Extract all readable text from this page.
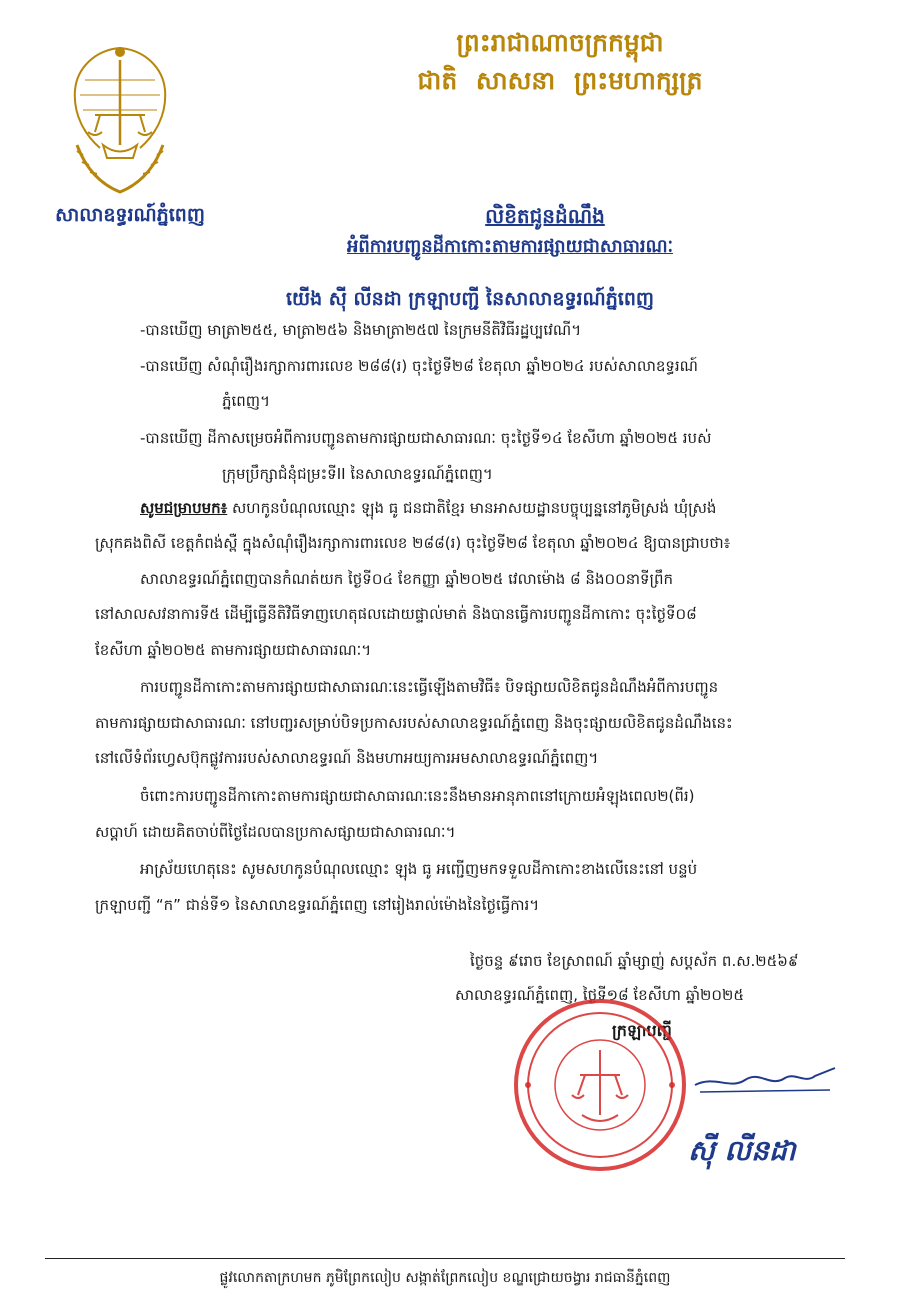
សាលាឧទ្ធរណ៍ភ្នំពេញ
ព្រះរាជាណាចក្រកម្ពុជា
ជាតិ សាសនា ព្រះមហាក្សត្រ
លិខិតជូនដំណឹង
អំពីការបញ្ជូនដីកាកោះតាមការផ្សាយជាសាធារណៈ
យើង ស៊ី លីនដា ក្រឡាបញ្ជី នៃសាលាឧទ្ធរណ៍ភ្នំពេញ
-បានឃើញ មាត្រា២៥៥, មាត្រា២៥៦ និងមាត្រា២៥៧ នៃក្រមនីតិវិធីរដ្ឋប្បវេណី។
-បានឃើញ សំណុំរឿងរក្សាការពារលេខ ២៨៨(រ) ចុះថ្ងៃទី២៨ ខែតុលា ឆ្នាំ២០២៤ របស់សាលាឧទ្ធរណ៍
ភ្នំពេញ។
-បានឃើញ ដីកាសម្រេចអំពីការបញ្ជូនតាមការផ្សាយជាសាធារណៈ ចុះថ្ងៃទី១៤ ខែសីហា ឆ្នាំ២០២៥ របស់
ក្រុមប្រឹក្សាជំនុំជម្រះទីII នៃសាលាឧទ្ធរណ៍ភ្នំពេញ។
សូមជម្រាបមក៖ សហកូនបំណុលឈ្មោះ ឡុង ធូ ជនជាតិខ្មែរ មានអាសយដ្ឋានបច្ចុប្បន្ននៅភូមិស្រង់ ឃុំស្រង់
ស្រុកគងពិសី ខេត្តកំពង់ស្ពឺ ក្នុងសំណុំរឿងរក្សាការពារលេខ ២៨៨(រ) ចុះថ្ងៃទី២៨ ខែតុលា ឆ្នាំ២០២៤ ឱ្យបានជ្រាបថា៖
សាលាឧទ្ធរណ៍ភ្នំពេញបានកំណត់យក ថ្ងៃទី០៤ ខែកញ្ញា ឆ្នាំ២០២៥ វេលាម៉ោង ៨ និង០០នាទីព្រឹក
នៅសាលសវនាការទី៥ ដើម្បីធ្វើនីតិវិធីទាញហេតុផលដោយផ្ទាល់មាត់ និងបានធ្វើការបញ្ជូនដីកាកោះ ចុះថ្ងៃទី០៨
ខែសីហា ឆ្នាំ២០២៥ តាមការផ្សាយជាសាធារណៈ។
ការបញ្ជូនដីកាកោះតាមការផ្សាយជាសាធារណៈនេះធ្វើឡើងតាមវិធី៖ បិទផ្សាយលិខិតជូនដំណឹងអំពីការបញ្ជូន
តាមការផ្សាយជាសាធារណៈ នៅបញ្ជរសម្រាប់បិទប្រកាសរបស់សាលាឧទ្ធរណ៍ភ្នំពេញ និងចុះផ្សាយលិខិតជូនដំណឹងនេះ
នៅលើទំព័រហ្វេសប៊ុកផ្លូវការរបស់សាលាឧទ្ធរណ៍ និងមហាអយ្យការអមសាលាឧទ្ធរណ៍ភ្នំពេញ។
ចំពោះការបញ្ជូនដីកាកោះតាមការផ្សាយជាសាធារណៈនេះនឹងមានអានុភាពនៅក្រោយអំឡុងពេល២(ពីរ)
សប្តាហ៍ ដោយគិតចាប់ពីថ្ងៃដែលបានប្រកាសផ្សាយជាសាធារណៈ។
អាស្រ័យហេតុនេះ សូមសហកូនបំណុលឈ្មោះ ឡុង ធូ អញ្ជើញមកទទួលដីកាកោះខាងលើនេះនៅ បន្ទប់
ក្រឡាបញ្ជី “ក” ជាន់ទី១ នៃសាលាឧទ្ធរណ៍ភ្នំពេញ នៅរៀងរាល់ម៉ោងនៃថ្ងៃធ្វើការ។
ថ្ងៃចន្ទ ៩រោច ខែស្រាពណ៍ ឆ្នាំម្សាញ់ សប្តស័ក ព.ស.២៥៦៩
សាលាឧទ្ធរណ៍ភ្នំពេញ, ថ្ងៃទី១៨ ខែសីហា ឆ្នាំ២០២៥
ក្រឡាបញ្ជី
ស៊ី លីនដា
ផ្លូវលោកតាក្រហមក ភូមិព្រែកលៀប សង្កាត់ព្រែកលៀប ខណ្ឌជ្រោយចង្វារ រាជធានីភ្នំពេញ
